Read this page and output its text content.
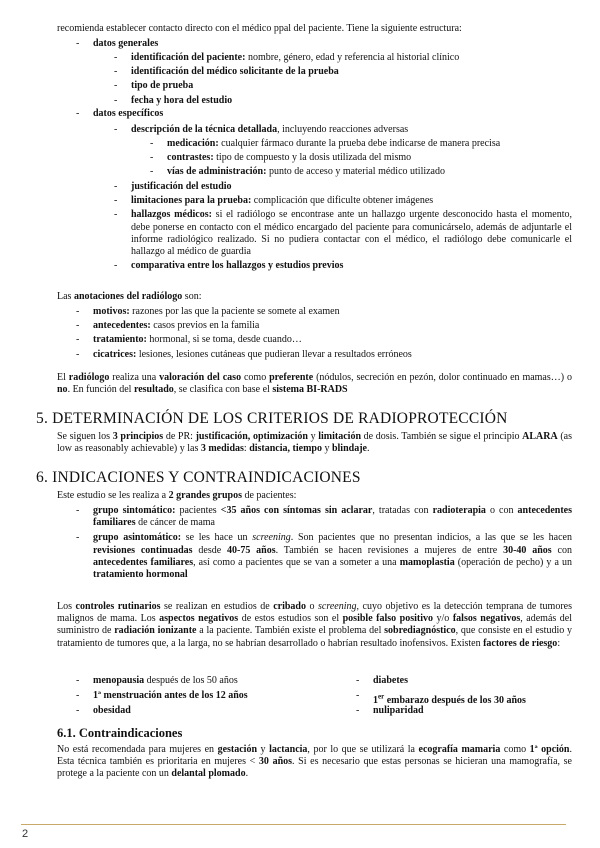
recomienda establecer contacto directo con el médico ppal del paciente. Tiene la siguiente estructura:
- datos generales
- identificación del paciente: nombre, género, edad y referencia al historial clínico
- identificación del médico solicitante de la prueba
- tipo de prueba
- fecha y hora del estudio
- datos específicos
- descripción de la técnica detallada, incluyendo reacciones adversas
- medicación: cualquier fármaco durante la prueba debe indicarse de manera precisa
- contrastes: tipo de compuesto y la dosis utilizada del mismo
- vías de administración: punto de acceso y material médico utilizado
- justificación del estudio
- limitaciones para la prueba: complicación que dificulte obtener imágenes
- hallazgos médicos: si el radiólogo se encontrase ante un hallazgo urgente desconocido hasta el momento, debe ponerse en contacto con el médico encargado del paciente para comunicárselo, además de adjuntarle el informe radiológico realizado. Si no pudiera contactar con el médico, el radiólogo debe comunicarle el hallazgo al médico de guardia
- comparativa entre los hallazgos y estudios previos
Las anotaciones del radiólogo son:
- motivos: razones por las que la paciente se somete al examen
- antecedentes: casos previos en la familia
- tratamiento: hormonal, si se toma, desde cuando…
- cicatrices: lesiones, lesiones cutáneas que pudieran llevar a resultados erróneos
El radiólogo realiza una valoración del caso como preferente (nódulos, secreción en pezón, dolor continuado en mamas…) o no. En función del resultado, se clasifica con base el sistema BI-RADS
5. DETERMINACIÓN DE LOS CRITERIOS DE RADIOPROTECCIÓN
Se siguen los 3 principios de PR: justificación, optimización y limitación de dosis. También se sigue el principio ALARA (as low as reasonably achievable) y las 3 medidas: distancia, tiempo y blindaje.
6. INDICACIONES Y CONTRAINDICACIONES
Este estudio se les realiza a 2 grandes grupos de pacientes:
- grupo sintomático: pacientes <35 años con síntomas sin aclarar, tratadas con radioterapia o con antecedentes familiares de cáncer de mama
- grupo asintomático: se les hace un screening. Son pacientes que no presentan indicios, a las que se les hacen revisiones continuadas desde 40-75 años. También se hacen revisiones a mujeres de entre 30-40 años con antecedentes familiares, así como a pacientes que se van a someter a una mamoplastia (operación de pecho) y a un tratamiento hormonal
Los controles rutinarios se realizan en estudios de cribado o screening, cuyo objetivo es la detección temprana de tumores malignos de mama. Los aspectos negativos de estos estudios son el posible falso positivo y/o falsos negativos, además del suministro de radiación ionizante a la paciente. También existe el problema del sobrediagnóstico, que consiste en el estudio y tratamiento de tumores que, a la larga, no se habrían desarrollado o habrían resultado inofensivos. Existen factores de riesgo:
- menopausia después de los 50 años	- diabetes
- 1ª menstruación antes de los 12 años	- 1er embarazo después de los 30 años
- obesidad	- nuliparidad
6.1. Contraindicaciones
No está recomendada para mujeres en gestación y lactancia, por lo que se utilizará la ecografía mamaria como 1ª opción. Esta técnica también es prioritaria en mujeres < 30 años. Si es necesario que estas personas se hicieran una mamografía, se protege a la paciente con un delantal plomado.
2
